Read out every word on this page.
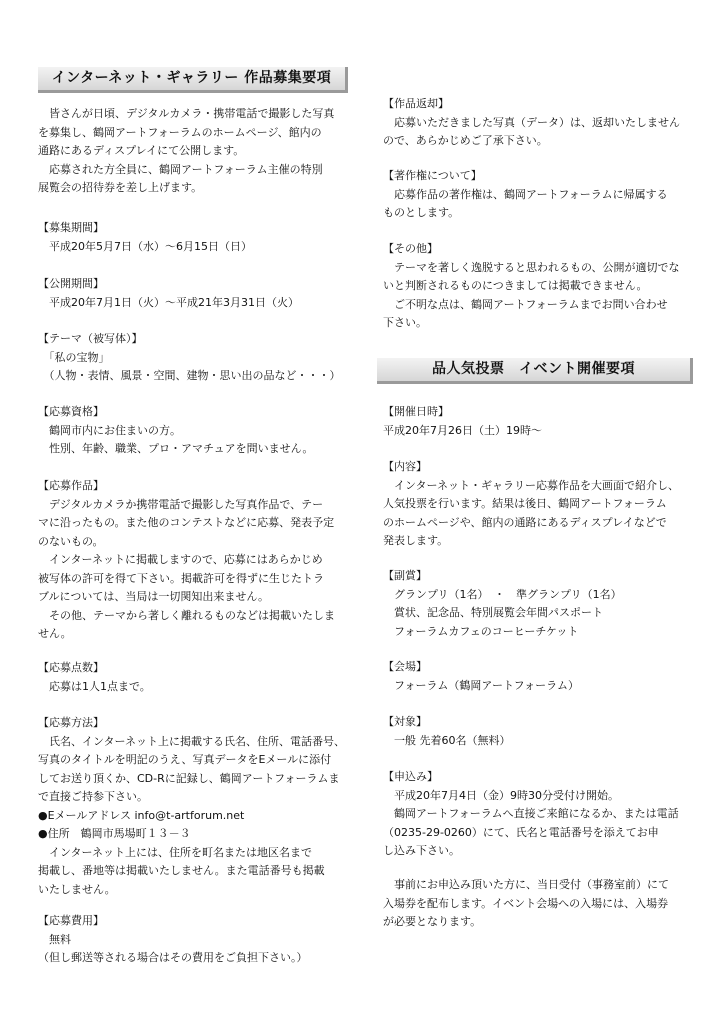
インターネット・ギャラリー 作品募集要項
品人気投票　イベント開催要項
　皆さんが日頃、デジタルカメラ・携帯電話で撮影した写真
を募集し、鶴岡アートフォーラムのホームページ、館内の
通路にあるディスプレイにて公開します。
　応募された方全員に、鶴岡アートフォーラム主催の特別
展覧会の招待券を差し上げます。
【募集期間】
　平成20年5月7日（水）～6月15日（日）
【公開期間】
　平成20年7月1日（火）～平成21年3月31日（火）
【テーマ（被写体）】
　「私の宝物」
　（人物・表情、風景・空間、建物・思い出の品など・・・）
【応募資格】
　鶴岡市内にお住まいの方。
　性別、年齢、職業、プロ・アマチュアを問いません。
【応募作品】
　デジタルカメラか携帯電話で撮影した写真作品で、テー
マに沿ったもの。また他のコンテストなどに応募、発表予定
のないもの。
　インターネットに掲載しますので、応募にはあらかじめ
被写体の許可を得て下さい。掲載許可を得ずに生じたトラ
ブルについては、当局は一切関知出来ません。
　その他、テーマから著しく離れるものなどは掲載いたしま
せん。
【応募点数】
　応募は1人1点まで。
【応募方法】
　氏名、インターネット上に掲載する氏名、住所、電話番号、
写真のタイトルを明記のうえ、写真データをEメールに添付
してお送り頂くか、CD-Rに記録し、鶴岡アートフォーラムま
で直接ご持参下さい。
●Eメールアドレス info@t-artforum.net
●住所　鶴岡市馬場町１３－３
　インターネット上には、住所を町名または地区名まで
掲載し、番地等は掲載いたしません。また電話番号も掲載
いたしません。
【応募費用】
　無料
（但し郵送等される場合はその費用をご負担下さい。）
【作品返却】
　応募いただきました写真（データ）は、返却いたしません
ので、あらかじめご了承下さい。
【著作権について】
　応募作品の著作権は、鶴岡アートフォーラムに帰属する
ものとします。
【その他】
　テーマを著しく逸脱すると思われるもの、公開が適切でな
いと判断されるものにつきましては掲載できません。
　ご不明な点は、鶴岡アートフォーラムまでお問い合わせ
下さい。
【開催日時】
平成20年7月26日（土）19時～
【内容】
　インターネット・ギャラリー応募作品を大画面で紹介し、
人気投票を行います。結果は後日、鶴岡アートフォーラム
のホームページや、館内の通路にあるディスプレイなどで
発表します。
【副賞】
　グランプリ（1名）　・　準グランプリ（1名）
　賞状、記念品、特別展覧会年間パスポート
　フォーラムカフェのコーヒーチケット
【会場】
　フォーラム（鶴岡アートフォーラム）
【対象】
　一般 先着60名（無料）
【申込み】
　平成20年7月4日（金）9時30分受付け開始。
　鶴岡アートフォーラムへ直接ご来館になるか、または電話
（0235-29-0260）にて、氏名と電話番号を添えてお申
し込み下さい。
　事前にお申込み頂いた方に、当日受付（事務室前）にて
入場券を配布します。イベント会場への入場には、入場券
が必要となります。
